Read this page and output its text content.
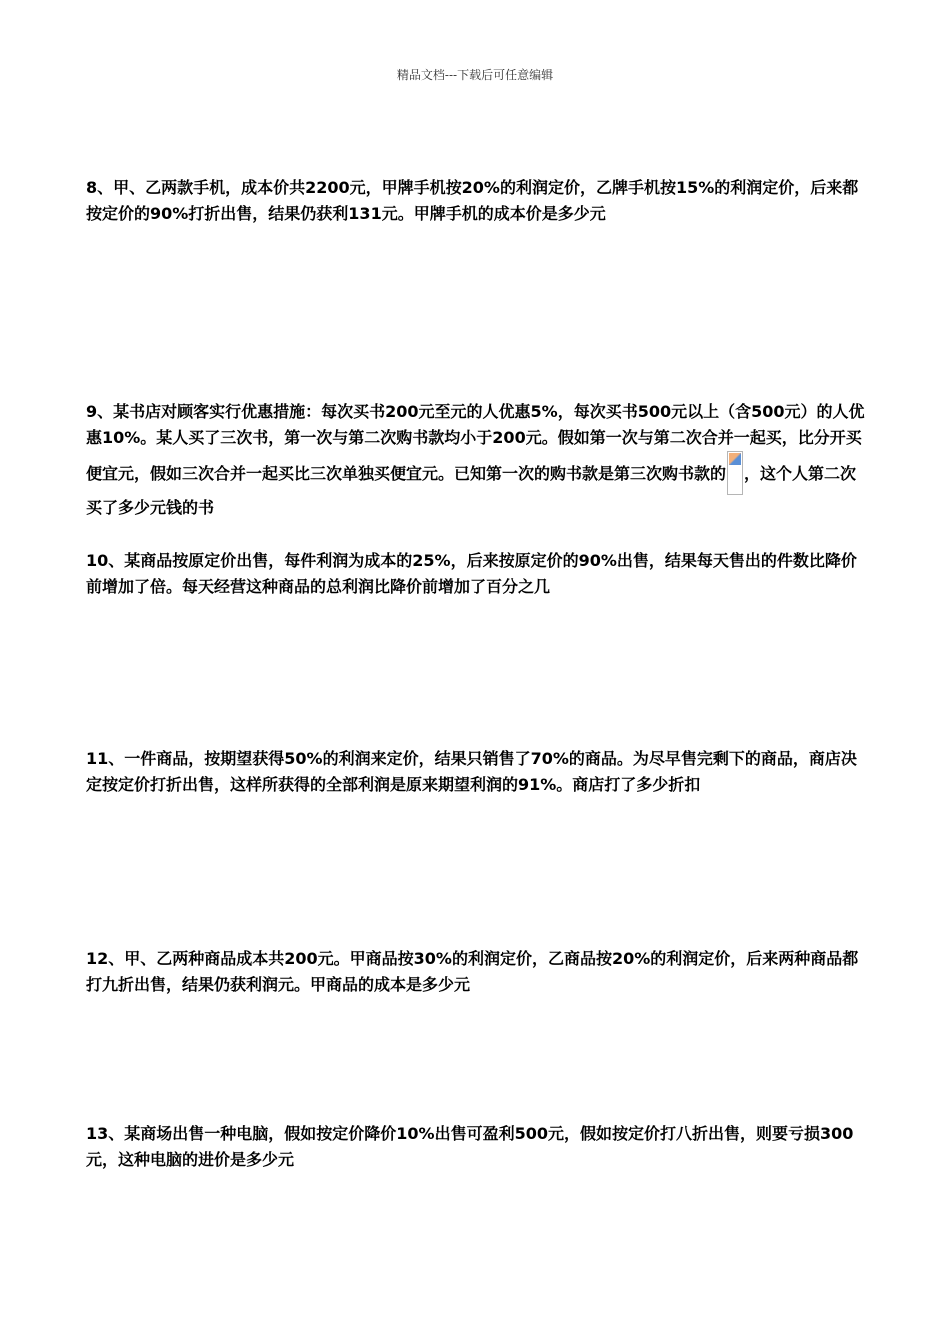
精品文档---下载后可任意编辑

8、甲、乙两款手机，成本价共2200元，甲牌手机按20%的利润定价，乙牌手机按15%的利润定价，后来都按定价的90%打折出售，结果仍获利131元。甲牌手机的成本价是多少元

9、某书店对顾客实行优惠措施：每次买书200元至元的人优惠5%，每次买书500元以上（含500元）的人优惠10%。某人买了三次书，第一次与第二次购书款均小于200元。假如第一次与第二次合并一起买，比分开买便宜元，假如三次合并一起买比三次单独买便宜元。已知第一次的购书款是第三次购书款的 ，这个人第二次买了多少元钱的书

10、某商品按原定价出售，每件利润为成本的25%，后来按原定价的90%出售，结果每天售出的件数比降价前增加了倍。每天经营这种商品的总利润比降价前增加了百分之几

11、一件商品，按期望获得50%的利润来定价，结果只销售了70%的商品。为尽早售完剩下的商品，商店决定按定价打折出售，这样所获得的全部利润是原来期望利润的91%。商店打了多少折扣

12、甲、乙两种商品成本共200元。甲商品按30%的利润定价，乙商品按20%的利润定价，后来两种商品都打九折出售，结果仍获利润元。甲商品的成本是多少元

13、某商场出售一种电脑，假如按定价降价10%出售可盈利500元，假如按定价打八折出售，则要亏损300元，这种电脑的进价是多少元
